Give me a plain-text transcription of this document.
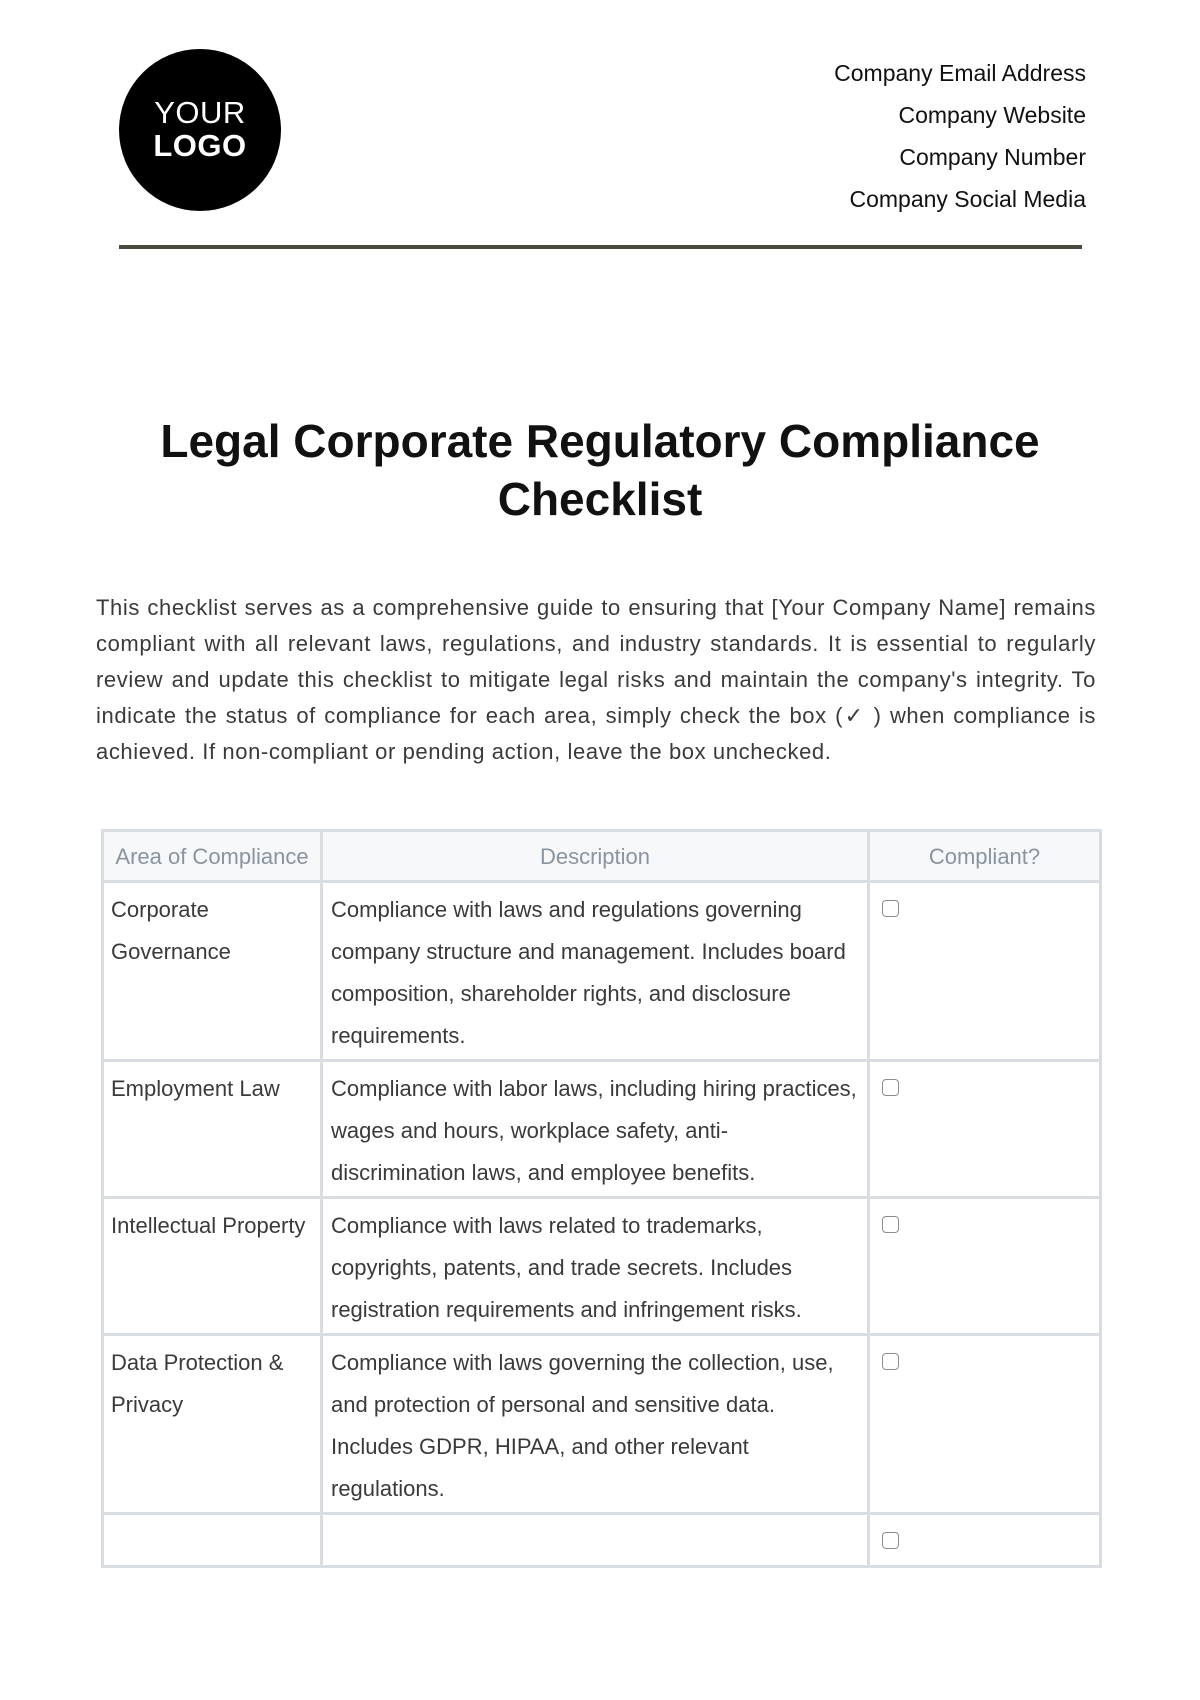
YOUR
LOGO
Company Email Address
Company Website
Company Number
Company Social Media
Legal Corporate Regulatory Compliance Checklist
This checklist serves as a comprehensive guide to ensuring that [Your Company Name] remains compliant with all relevant laws, regulations, and industry standards. It is essential to regularly review and update this checklist to mitigate legal risks and maintain the company's integrity. To indicate the status of compliance for each area, simply check the box (✓ ) when compliance is achieved. If non-compliant or pending action, leave the box unchecked.
Area of Compliance	Description	Compliant?
Corporate Governance	Compliance with laws and regulations governing company structure and management. Includes board composition, shareholder rights, and disclosure requirements.	
Employment Law	Compliance with labor laws, including hiring practices, wages and hours, workplace safety, anti-discrimination laws, and employee benefits.	
Intellectual Property	Compliance with laws related to trademarks, copyrights, patents, and trade secrets. Includes registration requirements and infringement risks.	
Data Protection & Privacy	Compliance with laws governing the collection, use, and protection of personal and sensitive data. Includes GDPR, HIPAA, and other relevant regulations.	
